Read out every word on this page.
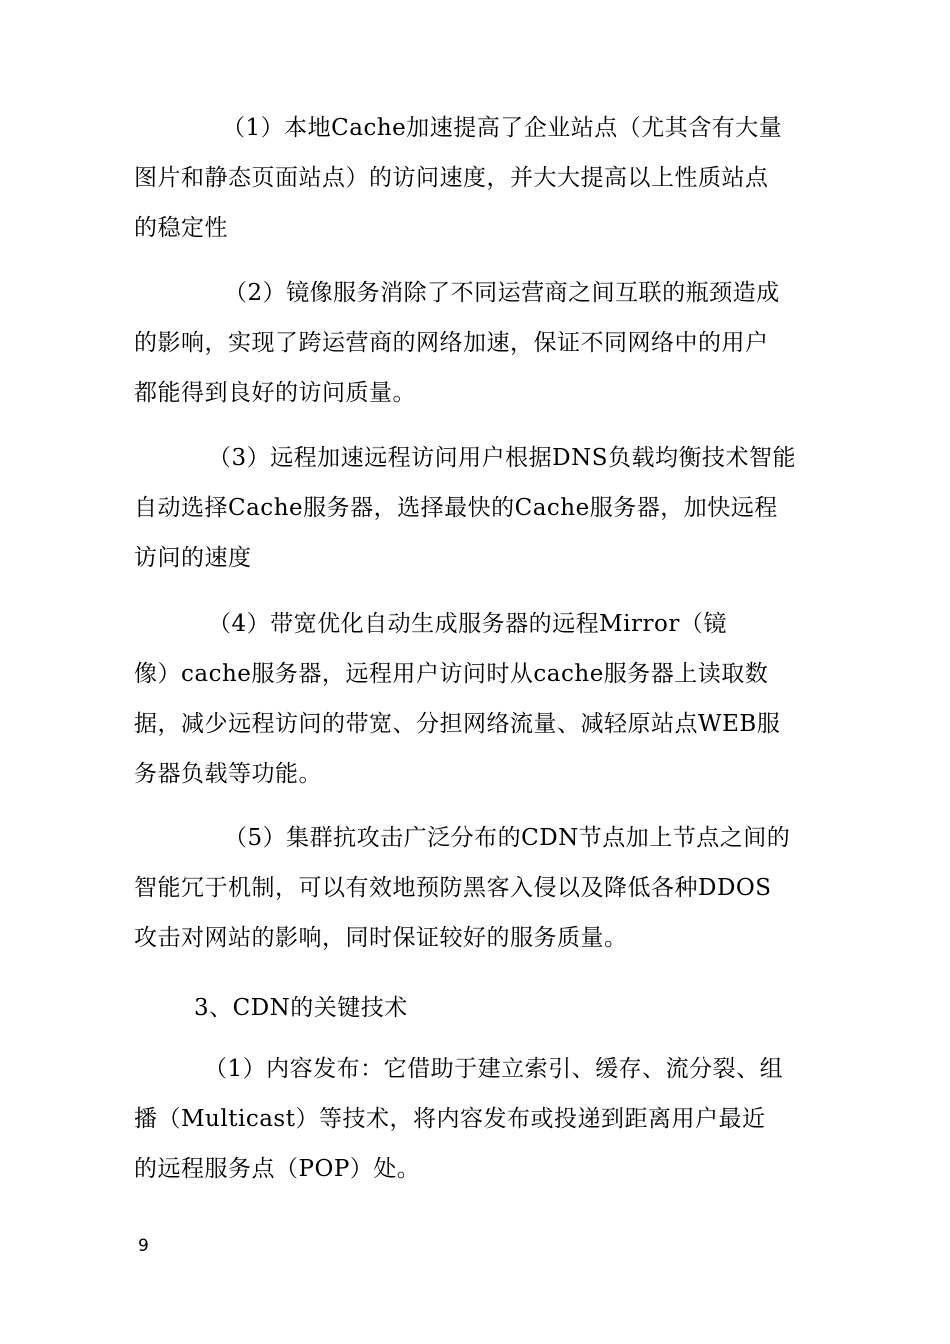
（1）本地Cache加速提高了企业站点（尤其含有大量
图片和静态页面站点）的访问速度，并大大提高以上性质站点
的稳定性
（2）镜像服务消除了不同运营商之间互联的瓶颈造成
的影响，实现了跨运营商的网络加速，保证不同网络中的用户
都能得到良好的访问质量。
（3）远程加速远程访问用户根据DNS负载均衡技术智能
自动选择Cache服务器，选择最快的Cache服务器，加快远程
访问的速度
（4）带宽优化自动生成服务器的远程Mirror（镜
像）cache服务器，远程用户访问时从cache服务器上读取数
据，减少远程访问的带宽、分担网络流量、减轻原站点WEB服
务器负载等功能。
（5）集群抗攻击广泛分布的CDN节点加上节点之间的
智能冗于机制，可以有效地预防黑客入侵以及降低各种DDOS
攻击对网站的影响，同时保证较好的服务质量。
3、CDN的关键技术
（1）内容发布：它借助于建立索引、缓存、流分裂、组
播（Multicast）等技术，将内容发布或投递到距离用户最近
的远程服务点（POP）处。
9
